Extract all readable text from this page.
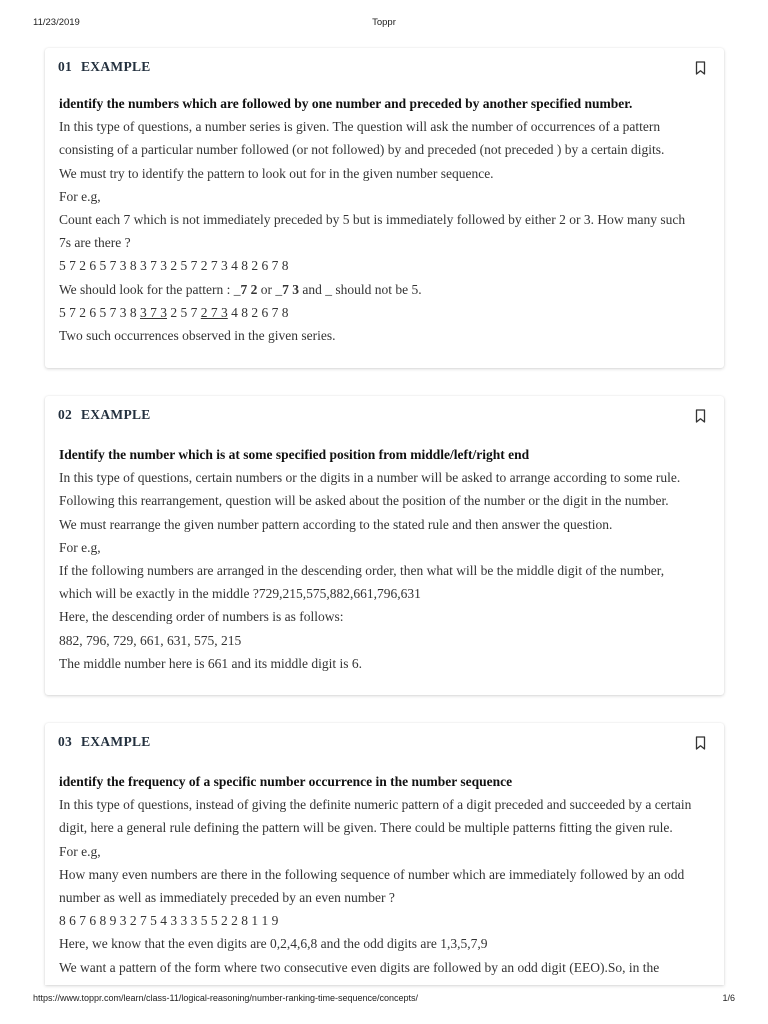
11/23/2019	Toppr
01 EXAMPLE
identify the numbers which are followed by one number and preceded by another specified number.
In this type of questions, a number series is given. The question will ask the number of occurrences of a pattern
consisting of a particular number followed (or not followed) by and preceded (not preceded ) by a certain digits.
We must try to identify the pattern to look out for in the given number sequence.
For e.g,
Count each 7 which is not immediately preceded by 5 but is immediately followed by either 2 or 3. How many such
7s are there ?
5 7 2 6 5 7 3 8 3 7 3 2 5 7 2 7 3 4 8 2 6 7 8
We should look for the pattern : _7 2 or _7 3 and _ should not be 5.
5 7 2 6 5 7 3 8 3 7 3 2 5 7 2 7 3 4 8 2 6 7 8
Two such occurrences observed in the given series.
02 EXAMPLE
Identify the number which is at some specified position from middle/left/right end
In this type of questions, certain numbers or the digits in a number will be asked to arrange according to some rule.
Following this rearrangement, question will be asked about the position of the number or the digit in the number.
We must rearrange the given number pattern according to the stated rule and then answer the question.
For e.g,
If the following numbers are arranged in the descending order, then what will be the middle digit of the number,
which will be exactly in the middle ?729,215,575,882,661,796,631
Here, the descending order of numbers is as follows:
882, 796, 729, 661, 631, 575, 215
The middle number here is 661 and its middle digit is 6.
03 EXAMPLE
identify the frequency of a specific number occurrence in the number sequence
In this type of questions, instead of giving the definite numeric pattern of a digit preceded and succeeded by a certain
digit, here a general rule defining the pattern will be given. There could be multiple patterns fitting the given rule.
For e.g,
How many even numbers are there in the following sequence of number which are immediately followed by an odd
number as well as immediately preceded by an even number ?
8 6 7 6 8 9 3 2 7 5 4 3 3 3 5 5 2 2 8 1 1 9
Here, we know that the even digits are 0,2,4,6,8 and the odd digits are 1,3,5,7,9
We want a pattern of the form where two consecutive even digits are followed by an odd digit (EEO).So, in the
https://www.toppr.com/learn/class-11/logical-reasoning/number-ranking-time-sequence/concepts/	1/6
